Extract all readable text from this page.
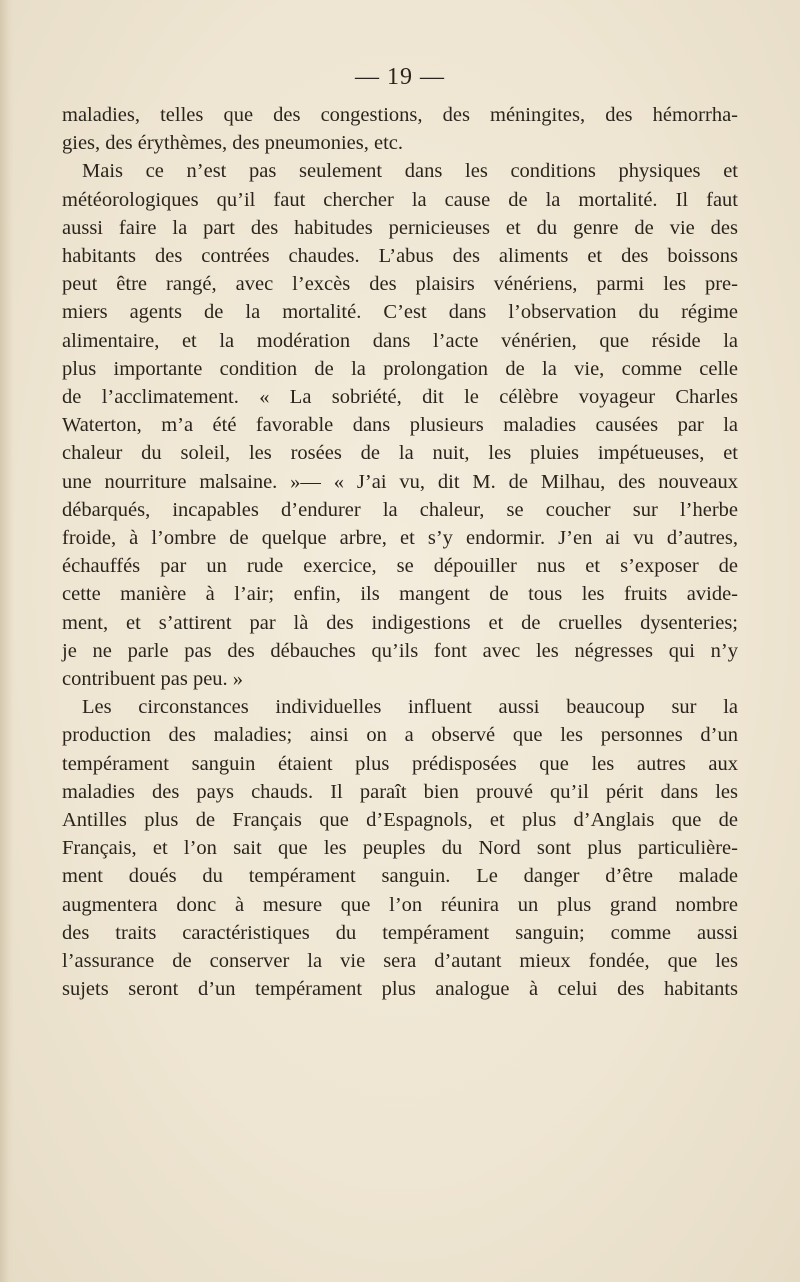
— 19 —
maladies, telles que des congestions, des méningites, des hémorrha-
gies, des érythèmes, des pneumonies, etc.
Mais ce n’est pas seulement dans les conditions physiques et
météorologiques qu’il faut chercher la cause de la mortalité. Il faut
aussi faire la part des habitudes pernicieuses et du genre de vie des
habitants des contrées chaudes. L’abus des aliments et des boissons
peut être rangé, avec l’excès des plaisirs vénériens, parmi les pre-
miers agents de la mortalité. C’est dans l’observation du régime
alimentaire, et la modération dans l’acte vénérien, que réside la
plus importante condition de la prolongation de la vie, comme celle
de l’acclimatement. « La sobriété, dit le célèbre voyageur Charles
Waterton, m’a été favorable dans plusieurs maladies causées par la
chaleur du soleil, les rosées de la nuit, les pluies impétueuses, et
une nourriture malsaine. »— « J’ai vu, dit M. de Milhau, des nouveaux
débarqués, incapables d’endurer la chaleur, se coucher sur l’herbe
froide, à l’ombre de quelque arbre, et s’y endormir. J’en ai vu d’autres,
échauffés par un rude exercice, se dépouiller nus et s’exposer de
cette manière à l’air; enfin, ils mangent de tous les fruits avide-
ment, et s’attirent par là des indigestions et de cruelles dysenteries;
je ne parle pas des débauches qu’ils font avec les négresses qui n’y
contribuent pas peu. »
Les circonstances individuelles influent aussi beaucoup sur la
production des maladies; ainsi on a observé que les personnes d’un
tempérament sanguin étaient plus prédisposées que les autres aux
maladies des pays chauds. Il paraît bien prouvé qu’il périt dans les
Antilles plus de Français que d’Espagnols, et plus d’Anglais que de
Français, et l’on sait que les peuples du Nord sont plus particulière-
ment doués du tempérament sanguin. Le danger d’être malade
augmentera donc à mesure que l’on réunira un plus grand nombre
des traits caractéristiques du tempérament sanguin; comme aussi
l’assurance de conserver la vie sera d’autant mieux fondée, que les
sujets seront d’un tempérament plus analogue à celui des habitants
